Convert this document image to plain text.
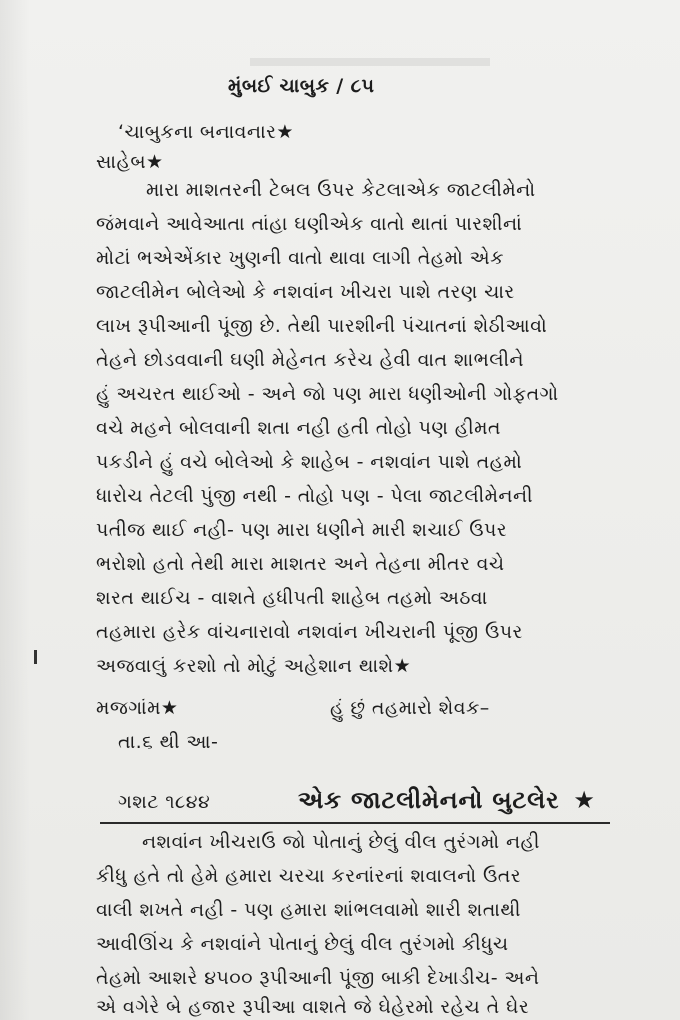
મુંબઈ ચાબુક / ૮૫
‘ચાબુકના બનાવનાર★
સાહેબ★
મારા માશતરની ટેબલ ઉપર કેટલાએક જાટલીમેનો
જંમવાને આવેઆતા તાંહા ઘણીએક વાતો થાતાં પારશીનાં
મોટાં ભએએંકાર ખુણની વાતો થાવા લાગી તેહમો એક
જાટલીમેન બોલેઓ કે નશવાંન ખીચરા પાશે તરણ ચાર
લાખ રૂપીઆની પૂંજી છે. તેથી પારશીની પંચાતનાં શેઠીઆવો
તેહને છોડવવાની ઘણી મેહેનત કરેચ હેવી વાત શાભલીને
હું અચરત થાઈઓ - અને જો પણ મારા ધણીઓની ગોફતગો
વચે મહને બોલવાની શતા નહી હતી તોહો પણ હીમત
પકડીને હું વચે બોલેઓ કે શાહેબ - નશવાંન પાશે તહમો
ધારોચ તેટલી પુંજી નથી - તોહો પણ - પેલા જાટલીમેનની
પતીજ થાઈ નહી- પણ મારા ધણીને મારી શચાઈ ઉપર
ભરોશો હતો તેથી મારા માશતર અને તેહના મીતર વચે
શરત થાઈચ - વાશતે હધીપતી શાહેબ તહમો અઠવા
તહમારા હરેક વાંચનારાવો નશવાંન ખીચરાની પૂંજી ઉપર
અજવાલું કરશો તો મોટું અહેશાન થાશે★
મજગાંમ★	હું છું તહમારો શેવક–
તા.૬ થી આ-
ગશટ ૧૮૪૪	એક જાટલીમેનનો બુટલેર ★
નશવાંન ખીચરાઉ જો પોતાનું છેલું વીલ તુરંગમો નહી
કીધુ હતે તો હેમે હમારા ચરચા કરનાંરનાં શવાલનો ઉતર
વાલી શખતે નહી - પણ હમારા શાંભલવામો શારી શતાથી
આવીઊંચ કે નશવાંને પોતાનું છેલું વીલ તુરંગમો કીધુચ
તેહમો આશરે ૪૫૦૦ રૂપીઆની પૂંજી બાકી દેખાડીચ- અને
એ વગેરે બે હજાર રૂપીઆ વાશતે જે ઘેહેરમો રહેચ તે ઘેર
